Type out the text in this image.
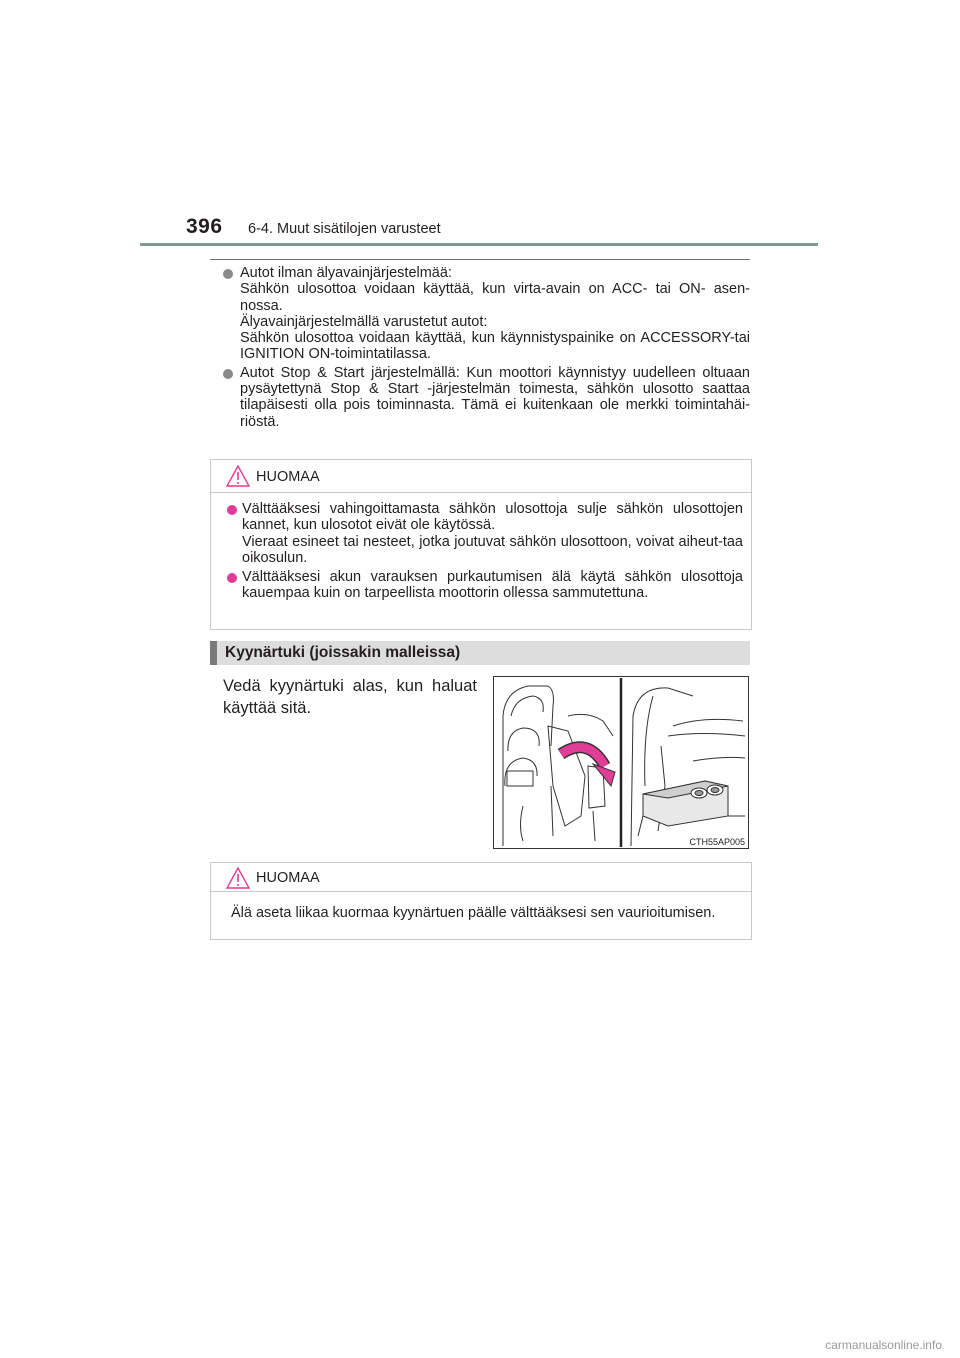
396 6-4. Muut sisätilojen varusteet
Autot ilman älyavainjärjestelmää:
Sähkön ulosottoa voidaan käyttää, kun virta-avain on ACC- tai ON- asen-nossa.
Älyavainjärjestelmällä varustetut autot:
Sähkön ulosottoa voidaan käyttää, kun käynnistyspainike on ACCESSORY-tai IGNITION ON-toimintatilassa.
Autot Stop & Start järjestelmällä: Kun moottori käynnistyy uudelleen oltuaan pysäytettynä Stop & Start -järjestelmän toimesta, sähkön ulosotto saattaa tilapäisesti olla pois toiminnasta. Tämä ei kuitenkaan ole merkki toimintahäi-riöstä.
HUOMAA
Välttääksesi vahingoittamasta sähkön ulosottoja sulje sähkön ulosottojen kannet, kun ulosotot eivät ole käytössä.
Vieraat esineet tai nesteet, jotka joutuvat sähkön ulosottoon, voivat aiheut-taa oikosulun.
Välttääksesi akun varauksen purkautumisen älä käytä sähkön ulosottoja kauempaa kuin on tarpeellista moottorin ollessa sammutettuna.
Kyynärtuki (joissakin malleissa)
Vedä kyynärtuki alas, kun haluat käyttää sitä.
CTH55AP005
HUOMAA
Älä aseta liikaa kuormaa kyynärtuen päälle välttääksesi sen vaurioitumisen.
carmanualsonline.info
